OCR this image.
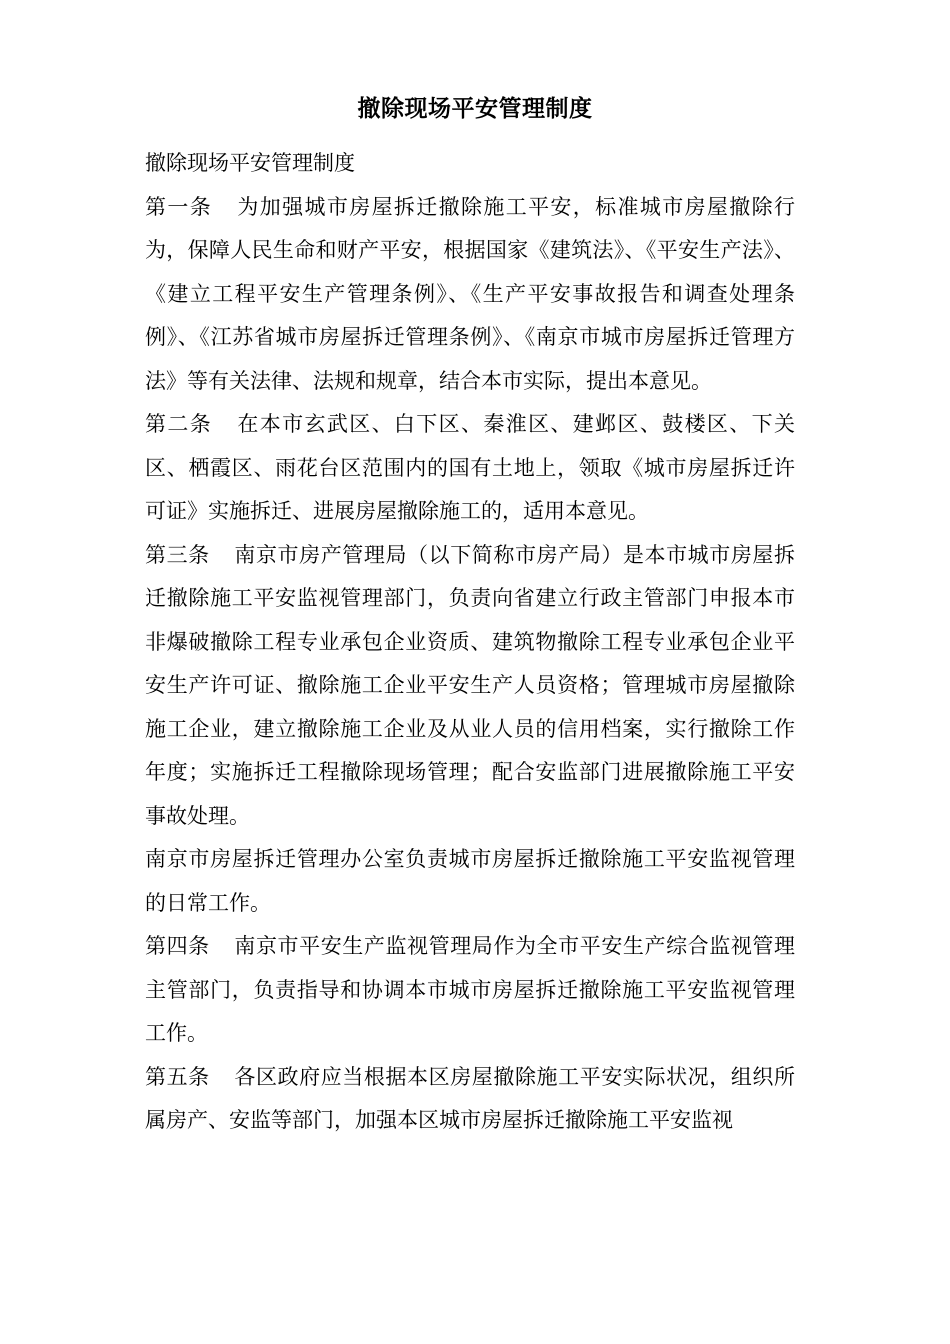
撤除现场平安管理制度

撤除现场平安管理制度

第一条 为加强城市房屋拆迁撤除施工平安，标准城市房屋撤除行为，保障人民生命和财产平安，根据国家《建筑法》、《平安生产法》、《建立工程平安生产管理条例》、《生产平安事故报告和调查处理条例》、《江苏省城市房屋拆迁管理条例》、《南京市城市房屋拆迁管理方法》等有关法律、法规和规章，结合本市实际，提出本意见。

第二条 在本市玄武区、白下区、秦淮区、建邺区、鼓楼区、下关区、栖霞区、雨花台区范围内的国有土地上，领取《城市房屋拆迁许可证》实施拆迁、进展房屋撤除施工的，适用本意见。

第三条 南京市房产管理局（以下简称市房产局）是本市城市房屋拆迁撤除施工平安监视管理部门，负责向省建立行政主管部门申报本市非爆破撤除工程专业承包企业资质、建筑物撤除工程专业承包企业平安生产许可证、撤除施工企业平安生产人员资格；管理城市房屋撤除施工企业，建立撤除施工企业及从业人员的信用档案，实行撤除工作年度；实施拆迁工程撤除现场管理；配合安监部门进展撤除施工平安事故处理。

南京市房屋拆迁管理办公室负责城市房屋拆迁撤除施工平安监视管理的日常工作。

第四条 南京市平安生产监视管理局作为全市平安生产综合监视管理主管部门，负责指导和协调本市城市房屋拆迁撤除施工平安监视管理工作。

第五条 各区政府应当根据本区房屋撤除施工平安实际状况，组织所属房产、安监等部门，加强本区城市房屋拆迁撤除施工平安监视
